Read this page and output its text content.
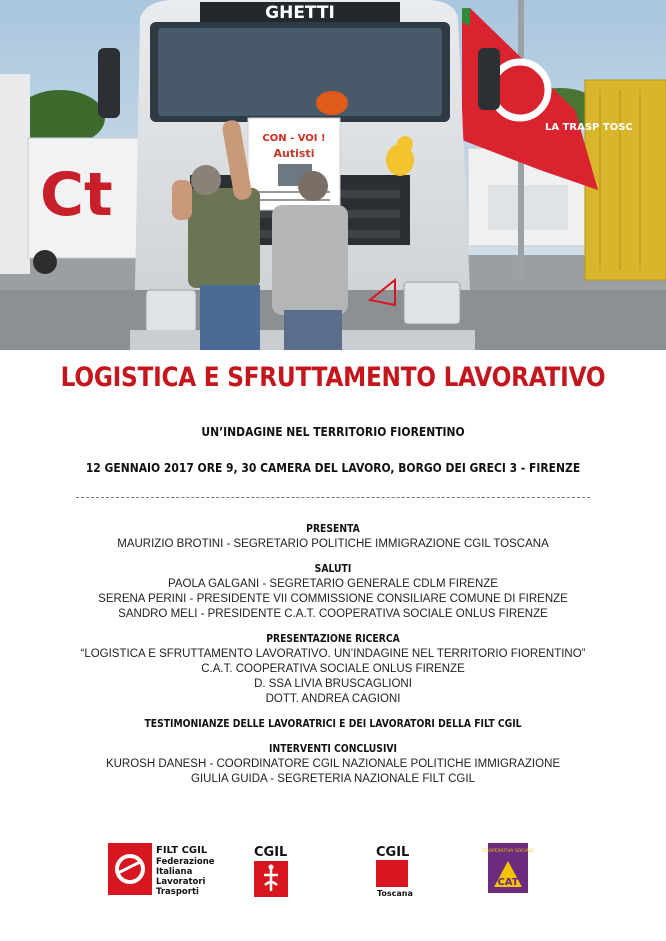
Ct
LA TRASP TOSC
GHETTI
CON - VOI !
Autisti
LOGISTICA E SFRUTTAMENTO LAVORATIVO
UN’INDAGINE NEL TERRITORIO FIORENTINO
12 GENNAIO 2017 ORE 9, 30 CAMERA DEL LAVORO, BORGO DEI GRECI 3 - FIRENZE
PRESENTA
MAURIZIO BROTINI - SEGRETARIO POLITICHE IMMIGRAZIONE CGIL TOSCANA
SALUTI
PAOLA GALGANI - SEGRETARIO GENERALE CDLM FIRENZE
SERENA PERINI - PRESIDENTE VII COMMISSIONE CONSILIARE COMUNE DI FIRENZE
SANDRO MELI - PRESIDENTE C.A.T. COOPERATIVA SOCIALE ONLUS FIRENZE
PRESENTAZIONE RICERCA
“LOGISTICA E SFRUTTAMENTO LAVORATIVO. UN’INDAGINE NEL TERRITORIO FIORENTINO”
C.A.T. COOPERATIVA SOCIALE ONLUS FIRENZE
D. SSA LIVIA BRUSCAGLIONI
DOTT. ANDREA CAGIONI
TESTIMONIANZE DELLE LAVORATRICI E DEI LAVORATORI DELLA FILT CGIL
INTERVENTI CONCLUSIVI
KUROSH DANESH - COORDINATORE CGIL NAZIONALE POLITICHE IMMIGRAZIONE
GIULIA GUIDA - SEGRETERIA NAZIONALE FILT CGIL
FILT CGIL
Federazione
Italiana
Lavoratori
Trasporti
CGIL	CGIL
Toscana
COOPERATIVA SOCIALE
CAT
